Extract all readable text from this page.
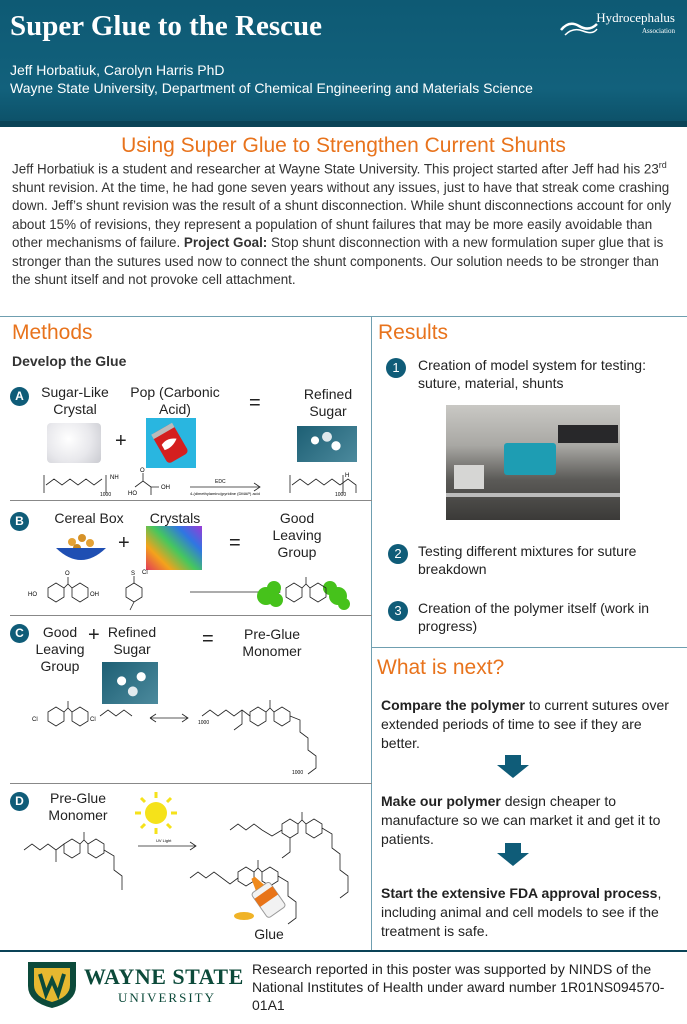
Super Glue to the Rescue
Jeff Horbatiuk, Carolyn Harris PhD
Wayne State University, Department of Chemical Engineering and Materials Science
Hydrocephalus
Association
Using Super Glue to Strengthen Current Shunts
Jeff Horbatiuk is a student and researcher at Wayne State University. This project started after Jeff had his 23rd shunt revision. At the time, he had gone seven years without any issues, just to have that streak come crashing down. Jeff’s shunt revision was the result of a shunt disconnection. While shunt disconnections account for only about 15% of revisions, they represent a population of shunt failures that may be more easily avoidable than other mechanisms of failure. Project Goal: Stop shunt disconnection with a new formulation super glue that is stronger than the sutures used now to connect the shunt components. Our solution needs to be stronger than the shunt itself and not provoke cell attachment.
Methods
Develop the Glue
A	Sugar-Like Crystal
Pop (Carbonic Acid)	=	Refined Sugar
+
1000
NH
O
HO
OH
EDC
4-(dimethylamino)pyridine (DMAP) acid	1000
H
B	Cereal Box	Crystals	Good Leaving Group
+	=
HO	OH
O	S Cl
C	Good Leaving Group
+ Refined Sugar	=	Pre-Glue Monomer
Cl	Cl	1000
1000
D	Pre-Glue Monomer
UV Light
Glue
Results
1	Creation of model system for testing: suture, material, shunts
2	Testing different mixtures for suture breakdown
3	Creation of the polymer itself (work in progress)
What is next?
Compare the polymer to current sutures over extended periods of time to see if they are better.
Make our polymer design cheaper to manufacture so we can market it and get it to patients.
Start the extensive FDA approval process, including animal and cell models to see if the treatment is safe.
WAYNE STATE
UNIVERSITY
Research reported in this poster was supported by NINDS of the National Institutes of Health under award number 1R01NS094570-01A1
